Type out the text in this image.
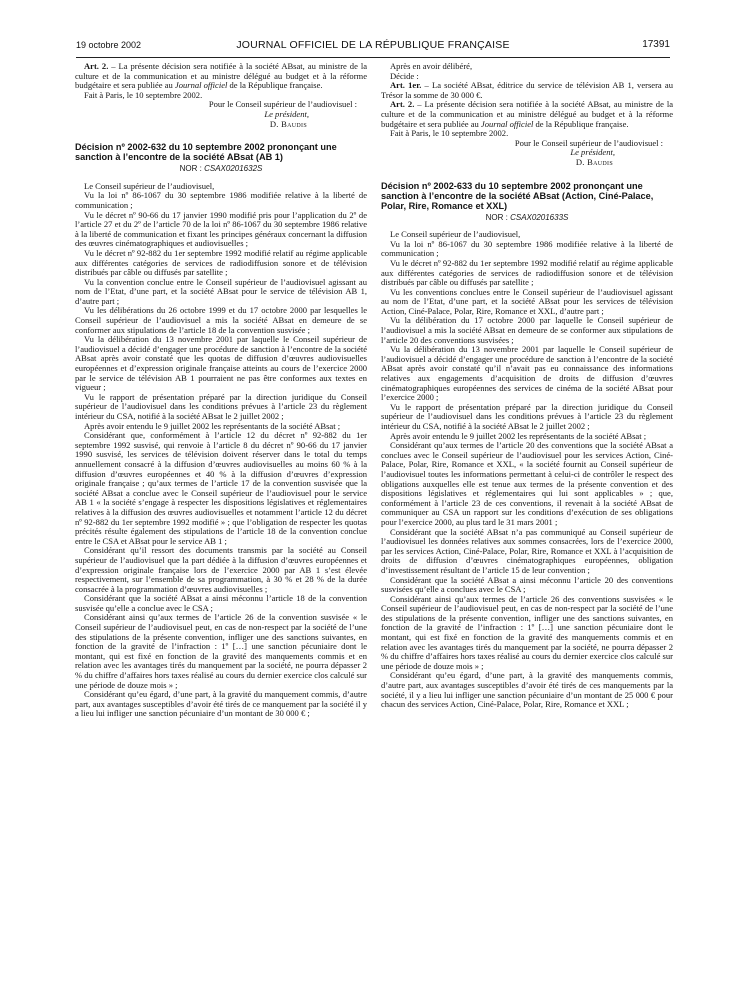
19 octobre 2002	JOURNAL OFFICIEL DE LA RÉPUBLIQUE FRANÇAISE	17391

Art. 2. – La présente décision sera notifiée à la société ABsat, au ministre de la culture et de la communication et au ministre délégué au budget et à la réforme budgétaire et sera publiée au Journal officiel de la République française.

Fait à Paris, le 10 septembre 2002.

Pour le Conseil supérieur de l’audiovisuel :
Le président,
D. Baudis
Décision nº 2002-632 du 10 septembre 2002 prononçant une sanction à l’encontre de la société ABsat (AB 1)
NOR : CSAX0201632S

Le Conseil supérieur de l’audiovisuel,

Vu la loi nº 86-1067 du 30 septembre 1986 modifiée relative à la liberté de communication ;

Vu le décret nº 90-66 du 17 janvier 1990 modifié pris pour l’application du 2º de l’article 27 et du 2º de l’article 70 de la loi nº 86-1067 du 30 septembre 1986 relative à la liberté de communication et fixant les principes généraux concernant la diffusion des œuvres cinématographiques et audiovisuelles ;

Vu le décret nº 92-882 du 1er septembre 1992 modifié relatif au régime applicable aux différentes catégories de services de radiodiffusion sonore et de télévision distribués par câble ou diffusés par satellite ;

Vu la convention conclue entre le Conseil supérieur de l’audiovisuel agissant au nom de l’Etat, d’une part, et la société ABsat pour le service de télévision AB 1, d’autre part ;

Vu les délibérations du 26 octobre 1999 et du 17 octobre 2000 par lesquelles le Conseil supérieur de l’audiovisuel a mis la société ABsat en demeure de se conformer aux stipulations de l’article 18 de la convention susvisée ;

Vu la délibération du 13 novembre 2001 par laquelle le Conseil supérieur de l’audiovisuel a décidé d’engager une procédure de sanction à l’encontre de la société ABsat après avoir constaté que les quotas de diffusion d’œuvres audiovisuelles européennes et d’expression originale française atteints au cours de l’exercice 2000 par le service de télévision AB 1 pourraient ne pas être conformes aux textes en vigueur ;

Vu le rapport de présentation préparé par la direction juridique du Conseil supérieur de l’audiovisuel dans les conditions prévues à l’article 23 du règlement intérieur du CSA, notifié à la société ABsat le 2 juillet 2002 ;

Après avoir entendu le 9 juillet 2002 les représentants de la société ABsat ;

Considérant que, conformément à l’article 12 du décret nº 92-882 du 1er septembre 1992 susvisé, qui renvoie à l’article 8 du décret nº 90-66 du 17 janvier 1990 susvisé, les services de télévision doivent réserver dans le total du temps annuellement consacré à la diffusion d’œuvres audiovisuelles au moins 60 % à la diffusion d’œuvres européennes et 40 % à la diffusion d’œuvres d’expression originale française ; qu’aux termes de l’article 17 de la convention susvisée que la société ABsat a conclue avec le Conseil supérieur de l’audiovisuel pour le service AB 1 « la société s’engage à respecter les dispositions législatives et réglementaires relatives à la diffusion des œuvres audiovisuelles et notamment l’article 12 du décret nº 92-882 du 1er septembre 1992 modifié » ; que l’obligation de respecter les quotas précités résulte également des stipulations de l’article 18 de la convention conclue entre le CSA et ABsat pour le service AB 1 ;

Considérant qu’il ressort des documents transmis par la société au Conseil supérieur de l’audiovisuel que la part dédiée à la diffusion d’œuvres européennes et d’expression originale française lors de l’exercice 2000 par AB 1 s’est élevée respectivement, sur l’ensemble de sa programmation, à 30 % et 28 % de la durée consacrée à la programmation d’œuvres audiovisuelles ;

Considérant que la société ABsat a ainsi méconnu l’article 18 de la convention susvisée qu’elle a conclue avec le CSA ;

Considérant ainsi qu’aux termes de l’article 26 de la convention susvisée « le Conseil supérieur de l’audiovisuel peut, en cas de non-respect par la société de l’une des stipulations de la présente convention, infliger une des sanctions suivantes, en fonction de la gravité de l’infraction : 1º […] une sanction pécuniaire dont le montant, qui est fixé en fonction de la gravité des manquements commis et en relation avec les avantages tirés du manquement par la société, ne pourra dépasser 2 % du chiffre d’affaires hors taxes réalisé au cours du dernier exercice clos calculé sur une période de douze mois » ;

Considérant qu’eu égard, d’une part, à la gravité du manquement commis, d’autre part, aux avantages susceptibles d’avoir été tirés de ce manquement par la société il y a lieu lui infliger une sanction pécuniaire d’un montant de 30 000 € ;

Après en avoir délibéré,

Décide :

Art. 1er. – La société ABsat, éditrice du service de télévision AB 1, versera au Trésor la somme de 30 000 €.

Art. 2. – La présente décision sera notifiée à la société ABsat, au ministre de la culture et de la communication et au ministre délégué au budget et à la réforme budgétaire et sera publiée au Journal officiel de la République française.

Fait à Paris, le 10 septembre 2002.

Pour le Conseil supérieur de l’audiovisuel :
Le président,
D. Baudis
Décision nº 2002-633 du 10 septembre 2002 prononçant une sanction à l’encontre de la société ABsat (Action, Ciné-Palace, Polar, Rire, Romance et XXL)
NOR : CSAX0201633S

Le Conseil supérieur de l’audiovisuel,

Vu la loi nº 86-1067 du 30 septembre 1986 modifiée relative à la liberté de communication ;

Vu le décret nº 92-882 du 1er septembre 1992 modifié relatif au régime applicable aux différentes catégories de services de radiodiffusion sonore et de télévision distribués par câble ou diffusés par satellite ;

Vu les conventions conclues entre le Conseil supérieur de l’audiovisuel agissant au nom de l’Etat, d’une part, et la société ABsat pour les services de télévision Action, Ciné-Palace, Polar, Rire, Romance et XXL, d’autre part ;

Vu la délibération du 17 octobre 2000 par laquelle le Conseil supérieur de l’audiovisuel a mis la société ABsat en demeure de se conformer aux stipulations de l’article 20 des conventions susvisées ;

Vu la délibération du 13 novembre 2001 par laquelle le Conseil supérieur de l’audiovisuel a décidé d’engager une procédure de sanction à l’encontre de la société ABsat après avoir constaté qu’il n’avait pas eu connaissance des informations relatives aux engagements d’acquisition de droits de diffusion d’œuvres cinématographiques européennes des services de cinéma de la société ABsat pour l’exercice 2000 ;

Vu le rapport de présentation préparé par la direction juridique du Conseil supérieur de l’audiovisuel dans les conditions prévues à l’article 23 du règlement intérieur du CSA, notifié à la société ABsat le 2 juillet 2002 ;

Après avoir entendu le 9 juillet 2002 les représentants de la société ABsat ;

Considérant qu’aux termes de l’article 20 des conventions que la société ABsat a conclues avec le Conseil supérieur de l’audiovisuel pour les services Action, Ciné-Palace, Polar, Rire, Romance et XXL, « la société fournit au Conseil supérieur de l’audiovisuel toutes les informations permettant à celui-ci de contrôler le respect des obligations auxquelles elle est tenue aux termes de la présente convention et des dispositions législatives et réglementaires qui lui sont applicables » ; que, conformément à l’article 23 de ces conventions, il revenait à la société ABsat de communiquer au CSA un rapport sur les conditions d’exécution de ses obligations pour l’exercice 2000, au plus tard le 31 mars 2001 ;

Considérant que la société ABsat n’a pas communiqué au Conseil supérieur de l’audiovisuel les données relatives aux sommes consacrées, lors de l’exercice 2000, par les services Action, Ciné-Palace, Polar, Rire, Romance et XXL à l’acquisition de droits de diffusion d’œuvres cinématographiques européennes, obligation d’investissement résultant de l’article 15 de leur convention ;

Considérant que la société ABsat a ainsi méconnu l’article 20 des conventions susvisées qu’elle a conclues avec le CSA ;

Considérant ainsi qu’aux termes de l’article 26 des conventions susvisées « le Conseil supérieur de l’audiovisuel peut, en cas de non-respect par la société de l’une des stipulations de la présente convention, infliger une des sanctions suivantes, en fonction de la gravité de l’infraction : 1º […] une sanction pécuniaire dont le montant, qui est fixé en fonction de la gravité des manquements commis et en relation avec les avantages tirés du manquement par la société, ne pourra dépasser 2 % du chiffre d’affaires hors taxes réalisé au cours du dernier exercice clos calculé sur une période de douze mois » ;

Considérant qu’eu égard, d’une part, à la gravité des manquements commis, d’autre part, aux avantages susceptibles d’avoir été tirés de ces manquements par la société, il y a lieu lui infliger une sanction pécuniaire d’un montant de 25 000 € pour chacun des services Action, Ciné-Palace, Polar, Rire, Romance et XXL ;
